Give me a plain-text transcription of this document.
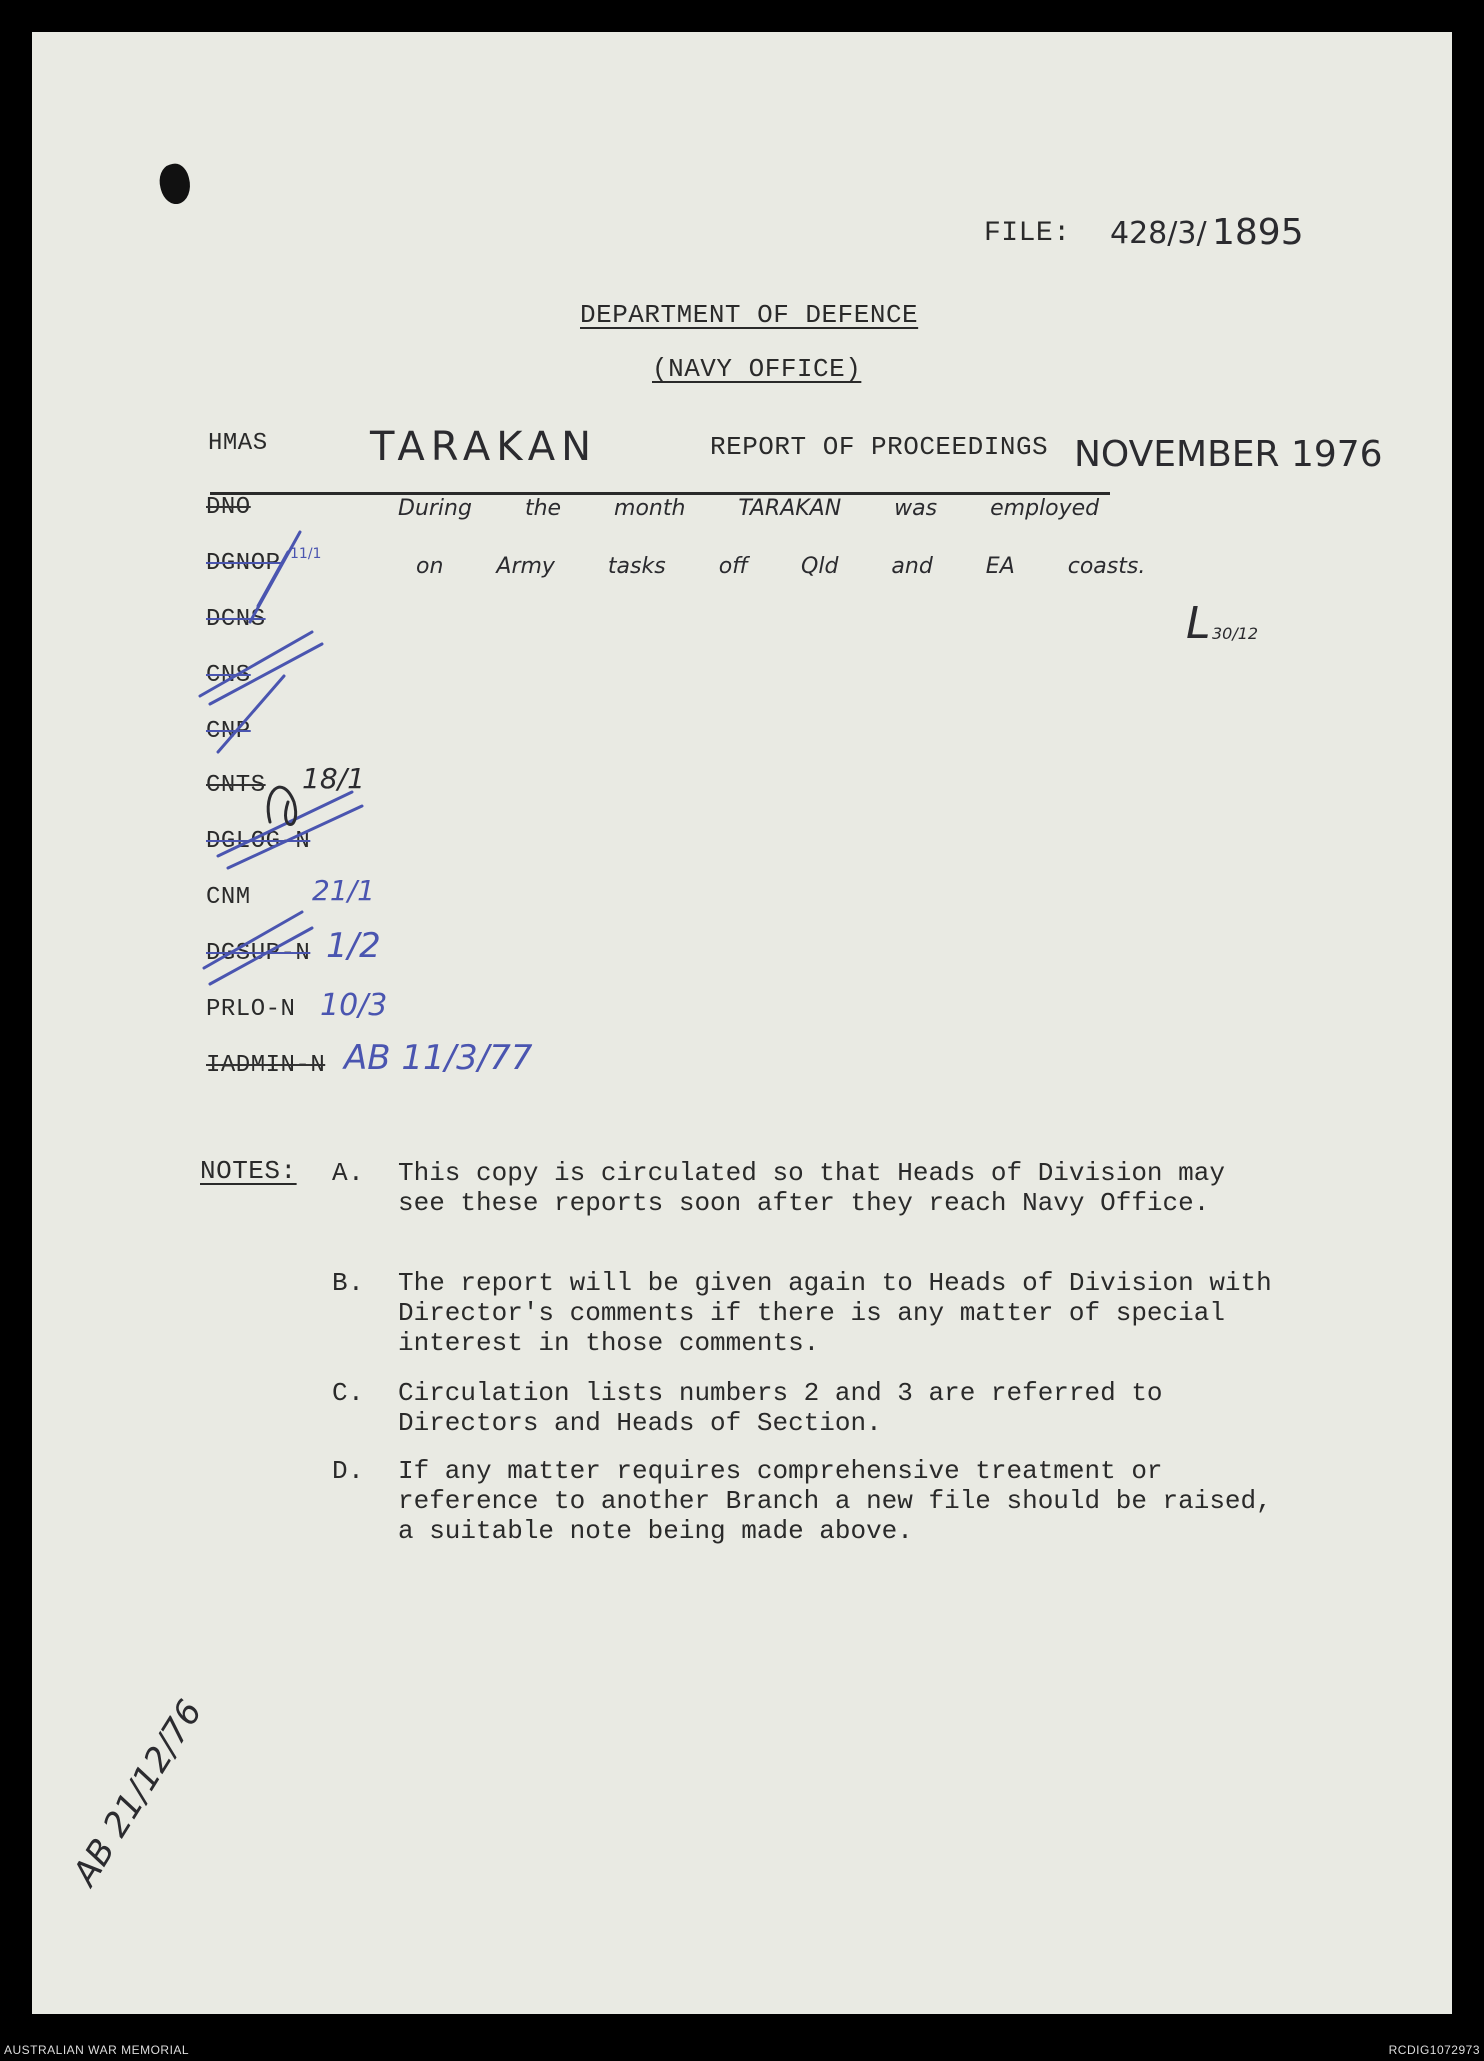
FILE: 428/3/ 1895
DEPARTMENT OF DEFENCE
(NAVY OFFICE)
HMAS	TARAKAN	REPORT OF PROCEEDINGS NOVEMBER 1976
During the month TARAKAN was employed
on Army tasks off Qld and EA coasts.
L 30/12
DNO
DGNOP 11/1
DCNS
CNS
CNP
CNTS 18/1
DGLOG-N
CNM 21/1
DGSUP-N 1/2
PRLO-N 10/3
IADMIN-N AB 11/3/77
NOTES: A. This copy is circulated so that Heads of Division may see these reports soon after they reach Navy Office.
B. The report will be given again to Heads of Division with Director's comments if there is any matter of special interest in those comments.
C. Circulation lists numbers 2 and 3 are referred to Directors and Heads of Section.
D. If any matter requires comprehensive treatment or reference to another Branch a new file should be raised, a suitable note being made above.
AB 21/12/76
AUSTRALIAN WAR MEMORIAL	RCDIG1072973
